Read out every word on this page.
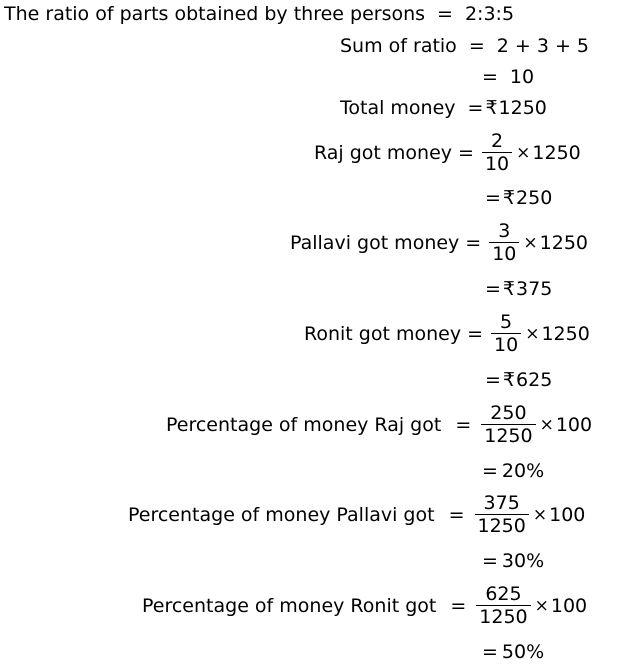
The ratio of parts obtained by three persons = 2:3:5
Sum of ratio = 2 + 3 + 5
= 10
Total money = ₹ 1250
Raj got money = $\frac{2}{10} \times 1250$
= ₹ 250
Pallavi got money = $\frac{3}{10} \times 1250$
= ₹ 375
Ronit got money = $\frac{5}{10} \times 1250$
= ₹ 625
Percentage of money Raj got = $\frac{250}{1250} \times 100$
= 20%
Percentage of money Pallavi got = $\frac{375}{1250} \times 100$
= 30%
Percentage of money Ronit got = $\frac{625}{1250} \times 100$
= 50%
